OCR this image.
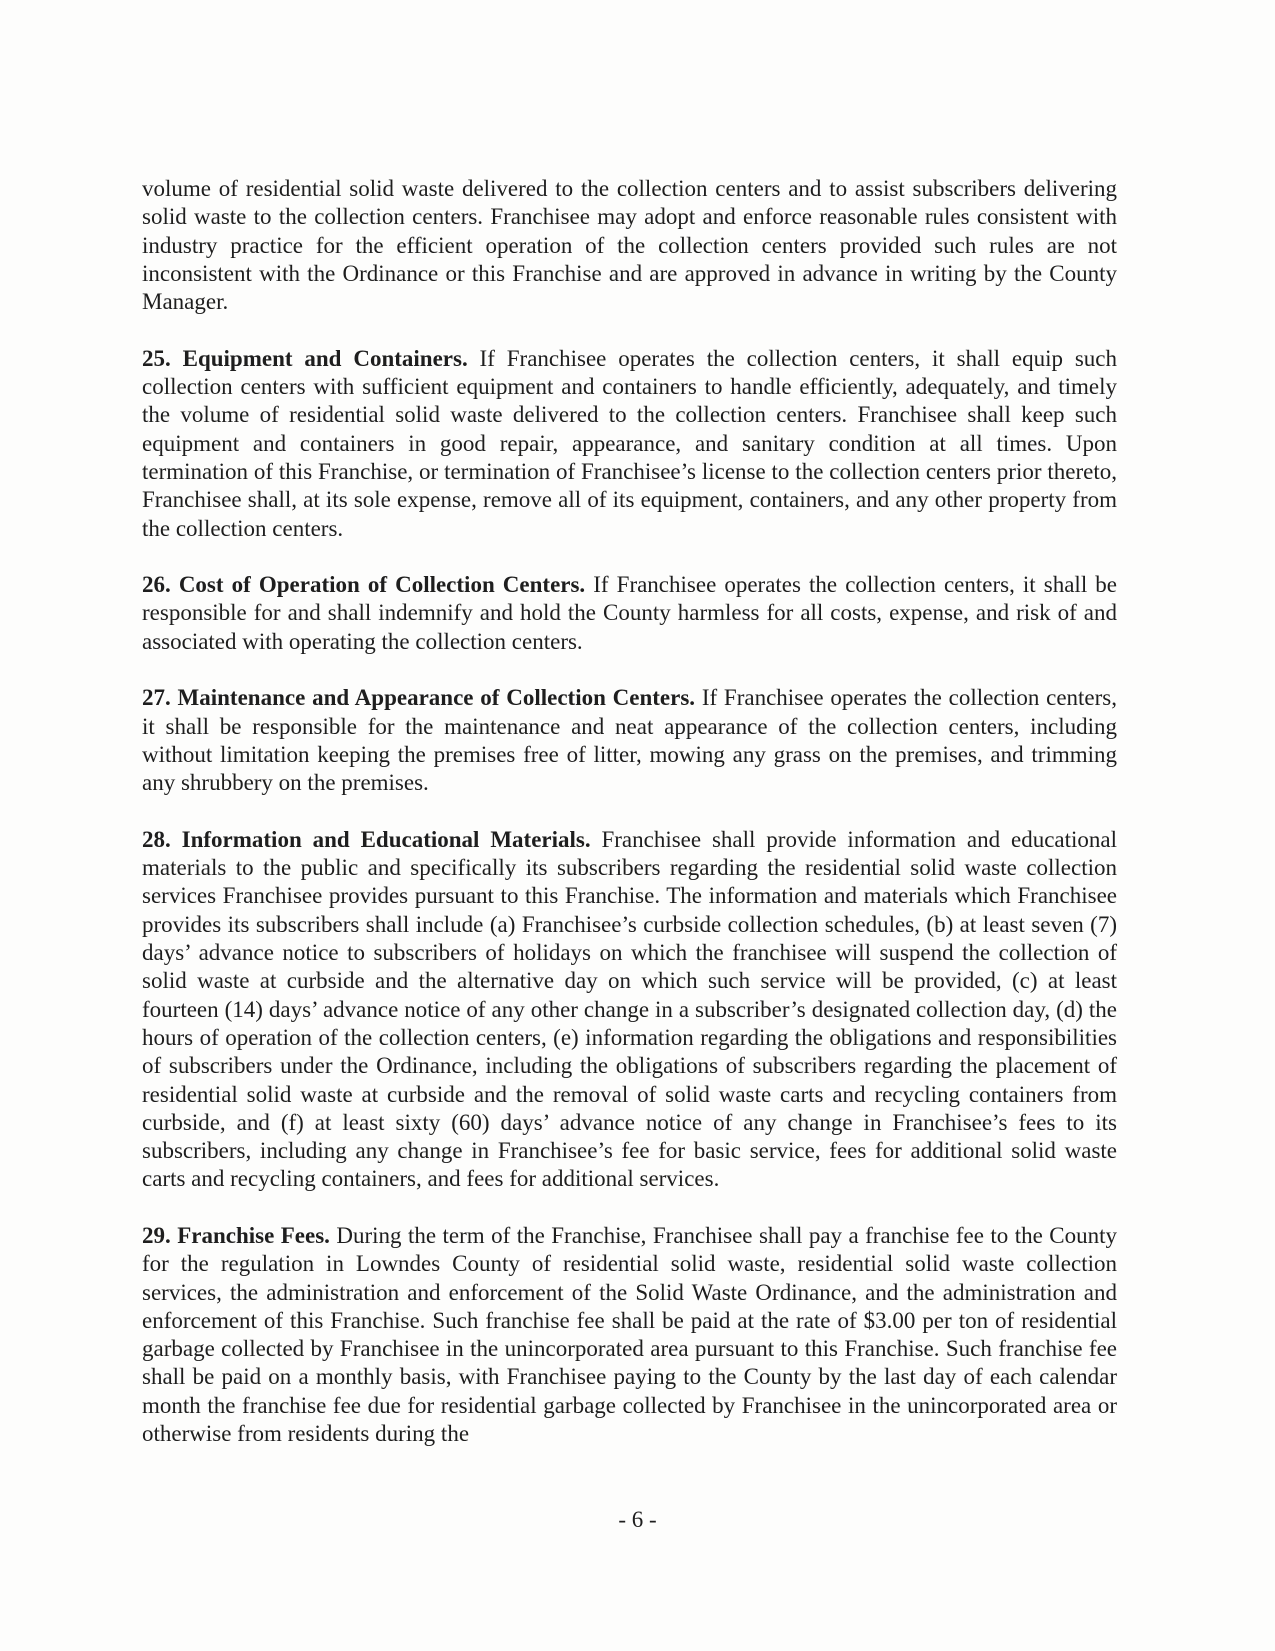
volume of residential solid waste delivered to the collection centers and to assist subscribers delivering solid waste to the collection centers. Franchisee may adopt and enforce reasonable rules consistent with industry practice for the efficient operation of the collection centers provided such rules are not inconsistent with the Ordinance or this Franchise and are approved in advance in writing by the County Manager.

25. Equipment and Containers. If Franchisee operates the collection centers, it shall equip such collection centers with sufficient equipment and containers to handle efficiently, adequately, and timely the volume of residential solid waste delivered to the collection centers. Franchisee shall keep such equipment and containers in good repair, appearance, and sanitary condition at all times. Upon termination of this Franchise, or termination of Franchisee’s license to the collection centers prior thereto, Franchisee shall, at its sole expense, remove all of its equipment, containers, and any other property from the collection centers.

26. Cost of Operation of Collection Centers. If Franchisee operates the collection centers, it shall be responsible for and shall indemnify and hold the County harmless for all costs, expense, and risk of and associated with operating the collection centers.

27. Maintenance and Appearance of Collection Centers. If Franchisee operates the collection centers, it shall be responsible for the maintenance and neat appearance of the collection centers, including without limitation keeping the premises free of litter, mowing any grass on the premises, and trimming any shrubbery on the premises.

28. Information and Educational Materials. Franchisee shall provide information and educational materials to the public and specifically its subscribers regarding the residential solid waste collection services Franchisee provides pursuant to this Franchise. The information and materials which Franchisee provides its subscribers shall include (a) Franchisee’s curbside collection schedules, (b) at least seven (7) days’ advance notice to subscribers of holidays on which the franchisee will suspend the collection of solid waste at curbside and the alternative day on which such service will be provided, (c) at least fourteen (14) days’ advance notice of any other change in a subscriber’s designated collection day, (d) the hours of operation of the collection centers, (e) information regarding the obligations and responsibilities of subscribers under the Ordinance, including the obligations of subscribers regarding the placement of residential solid waste at curbside and the removal of solid waste carts and recycling containers from curbside, and (f) at least sixty (60) days’ advance notice of any change in Franchisee’s fees to its subscribers, including any change in Franchisee’s fee for basic service, fees for additional solid waste carts and recycling containers, and fees for additional services.

29. Franchise Fees. During the term of the Franchise, Franchisee shall pay a franchise fee to the County for the regulation in Lowndes County of residential solid waste, residential solid waste collection services, the administration and enforcement of the Solid Waste Ordinance, and the administration and enforcement of this Franchise. Such franchise fee shall be paid at the rate of $3.00 per ton of residential garbage collected by Franchisee in the unincorporated area pursuant to this Franchise. Such franchise fee shall be paid on a monthly basis, with Franchisee paying to the County by the last day of each calendar month the franchise fee due for residential garbage collected by Franchisee in the unincorporated area or otherwise from residents during the

- 6 -
